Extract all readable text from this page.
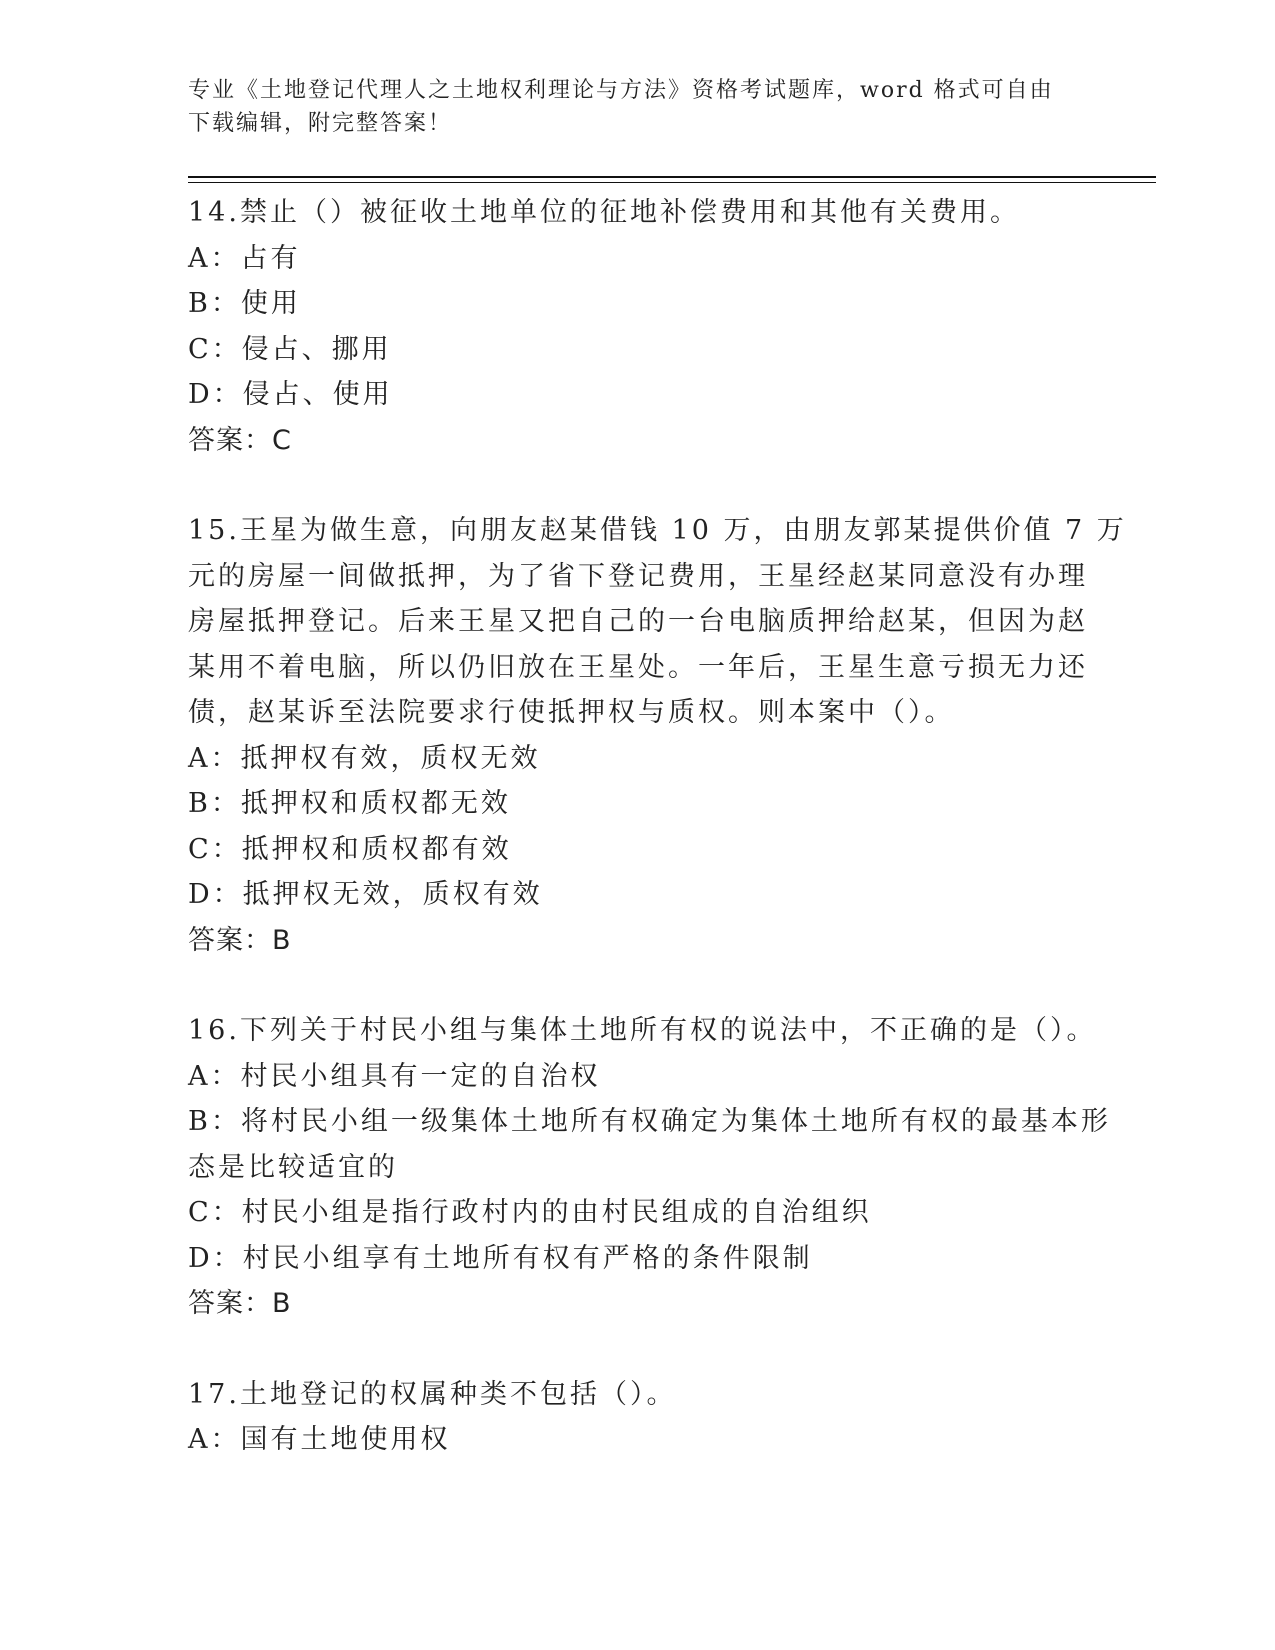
专业《土地登记代理人之土地权利理论与方法》资格考试题库，word 格式可自由

下载编辑，附完整答案！

14.禁止（）被征收土地单位的征地补偿费用和其他有关费用。

A：占有

B：使用

C：侵占、挪用

D：侵占、使用

答案：C

15.王星为做生意，向朋友赵某借钱 10 万，由朋友郭某提供价值 7 万

元的房屋一间做抵押，为了省下登记费用，王星经赵某同意没有办理

房屋抵押登记。后来王星又把自己的一台电脑质押给赵某，但因为赵

某用不着电脑，所以仍旧放在王星处。一年后，王星生意亏损无力还

债，赵某诉至法院要求行使抵押权与质权。则本案中（）。

A：抵押权有效，质权无效

B：抵押权和质权都无效

C：抵押权和质权都有效

D：抵押权无效，质权有效

答案：B

16.下列关于村民小组与集体土地所有权的说法中，不正确的是（）。

A：村民小组具有一定的自治权

B：将村民小组一级集体土地所有权确定为集体土地所有权的最基本形

态是比较适宜的

C：村民小组是指行政村内的由村民组成的自治组织

D：村民小组享有土地所有权有严格的条件限制

答案：B

17.土地登记的权属种类不包括（）。

A：国有土地使用权
